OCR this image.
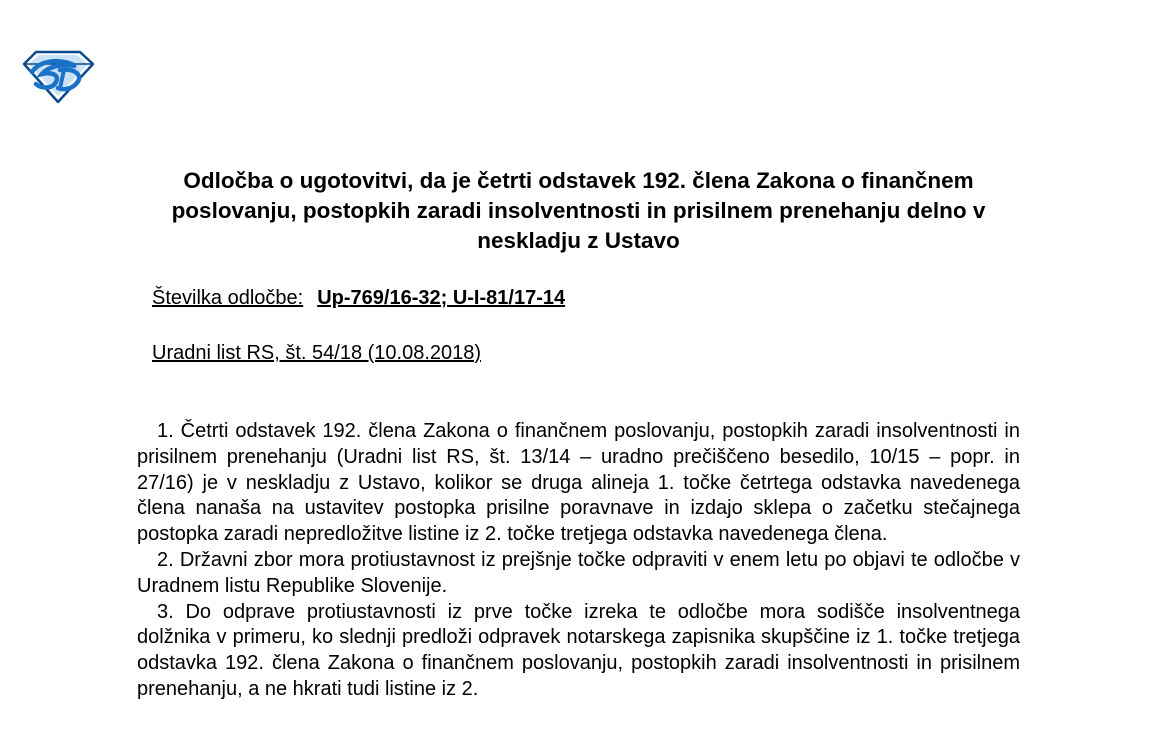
Odločba o ugotovitvi, da je četrti odstavek 192. člena Zakona o finančnem poslovanju, postopkih zaradi insolventnosti in prisilnem prenehanju delno v neskladju z Ustavo
Številka odločbe: Up-769/16-32; U-I-81/17-14
Uradni list RS, št. 54/18 (10.08.2018)

1. Četrti odstavek 192. člena Zakona o finančnem poslovanju, postopkih zaradi insolventnosti in prisilnem prenehanju (Uradni list RS, št. 13/14 – uradno prečiščeno besedilo, 10/15 – popr. in 27/16) je v neskladju z Ustavo, kolikor se druga alineja 1. točke četrtega odstavka navedenega člena nanaša na ustavitev postopka prisilne poravnave in izdajo sklepa o začetku stečajnega postopka zaradi nepredložitve listine iz 2. točke tretjega odstavka navedenega člena.

2. Državni zbor mora protiustavnost iz prejšnje točke odpraviti v enem letu po objavi te odločbe v Uradnem listu Republike Slovenije.

3. Do odprave protiustavnosti iz prve točke izreka te odločbe mora sodišče insolventnega dolžnika v primeru, ko slednji predloži odpravek notarskega zapisnika skupščine iz 1. točke tretjega odstavka 192. člena Zakona o finančnem poslovanju, postopkih zaradi insolventnosti in prisilnem prenehanju, a ne hkrati tudi listine iz 2.
